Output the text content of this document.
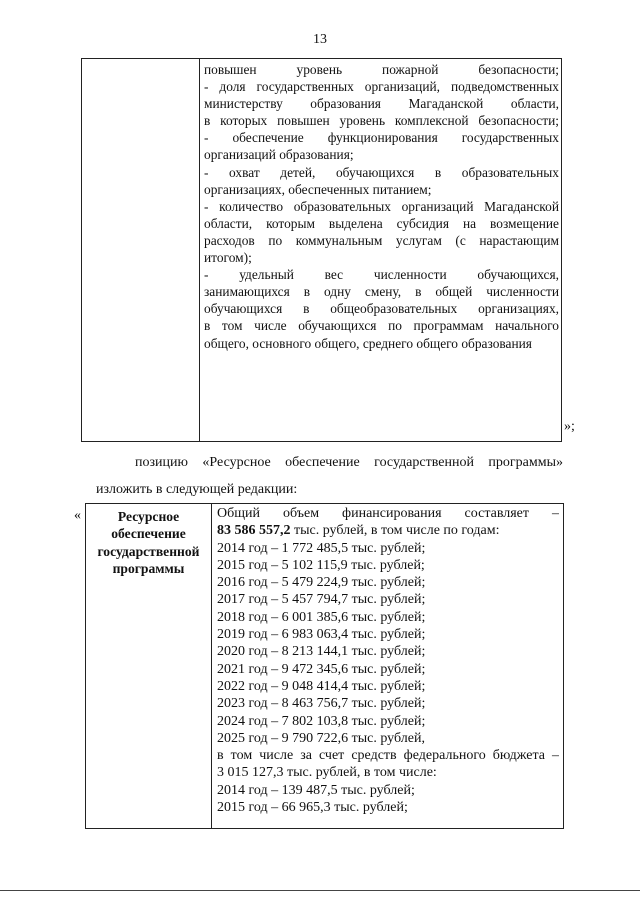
13
повышен уровень пожарной безопасности;
- доля государственных организаций, подведомственных
министерству образования Магаданской области,
в которых повышен уровень комплексной безопасности;
- обеспечение функционирования государственных
организаций образования;
- охват детей, обучающихся в образовательных
организациях, обеспеченных питанием;
- количество образовательных организаций Магаданской
области, которым выделена субсидия на возмещение
расходов по коммунальным услугам (с нарастающим
итогом);
- удельный вес численности обучающихся,
занимающихся в одну смену, в общей численности
обучающихся в общеобразовательных организациях,
в том числе обучающихся по программам начального
общего, основного общего, среднего общего образования
»;
позицию «Ресурсное обеспечение государственной программы»
изложить в следующей редакции:
«	Ресурсное
обеспечение
государственной
программы
Общий объем финансирования составляет –
83 586 557,2 тыс. рублей, в том числе по годам:
2014 год – 1 772 485,5 тыс. рублей;
2015 год – 5 102 115,9 тыс. рублей;
2016 год – 5 479 224,9 тыс. рублей;
2017 год – 5 457 794,7 тыс. рублей;
2018 год – 6 001 385,6 тыс. рублей;
2019 год – 6 983 063,4 тыс. рублей;
2020 год – 8 213 144,1 тыс. рублей;
2021 год – 9 472 345,6 тыс. рублей;
2022 год – 9 048 414,4 тыс. рублей;
2023 год – 8 463 756,7 тыс. рублей;
2024 год – 7 802 103,8 тыс. рублей;
2025 год – 9 790 722,6 тыс. рублей,
в том числе за счет средств федерального бюджета –
3 015 127,3 тыс. рублей, в том числе:
2014 год – 139 487,5 тыс. рублей;
2015 год – 66 965,3 тыс. рублей;
